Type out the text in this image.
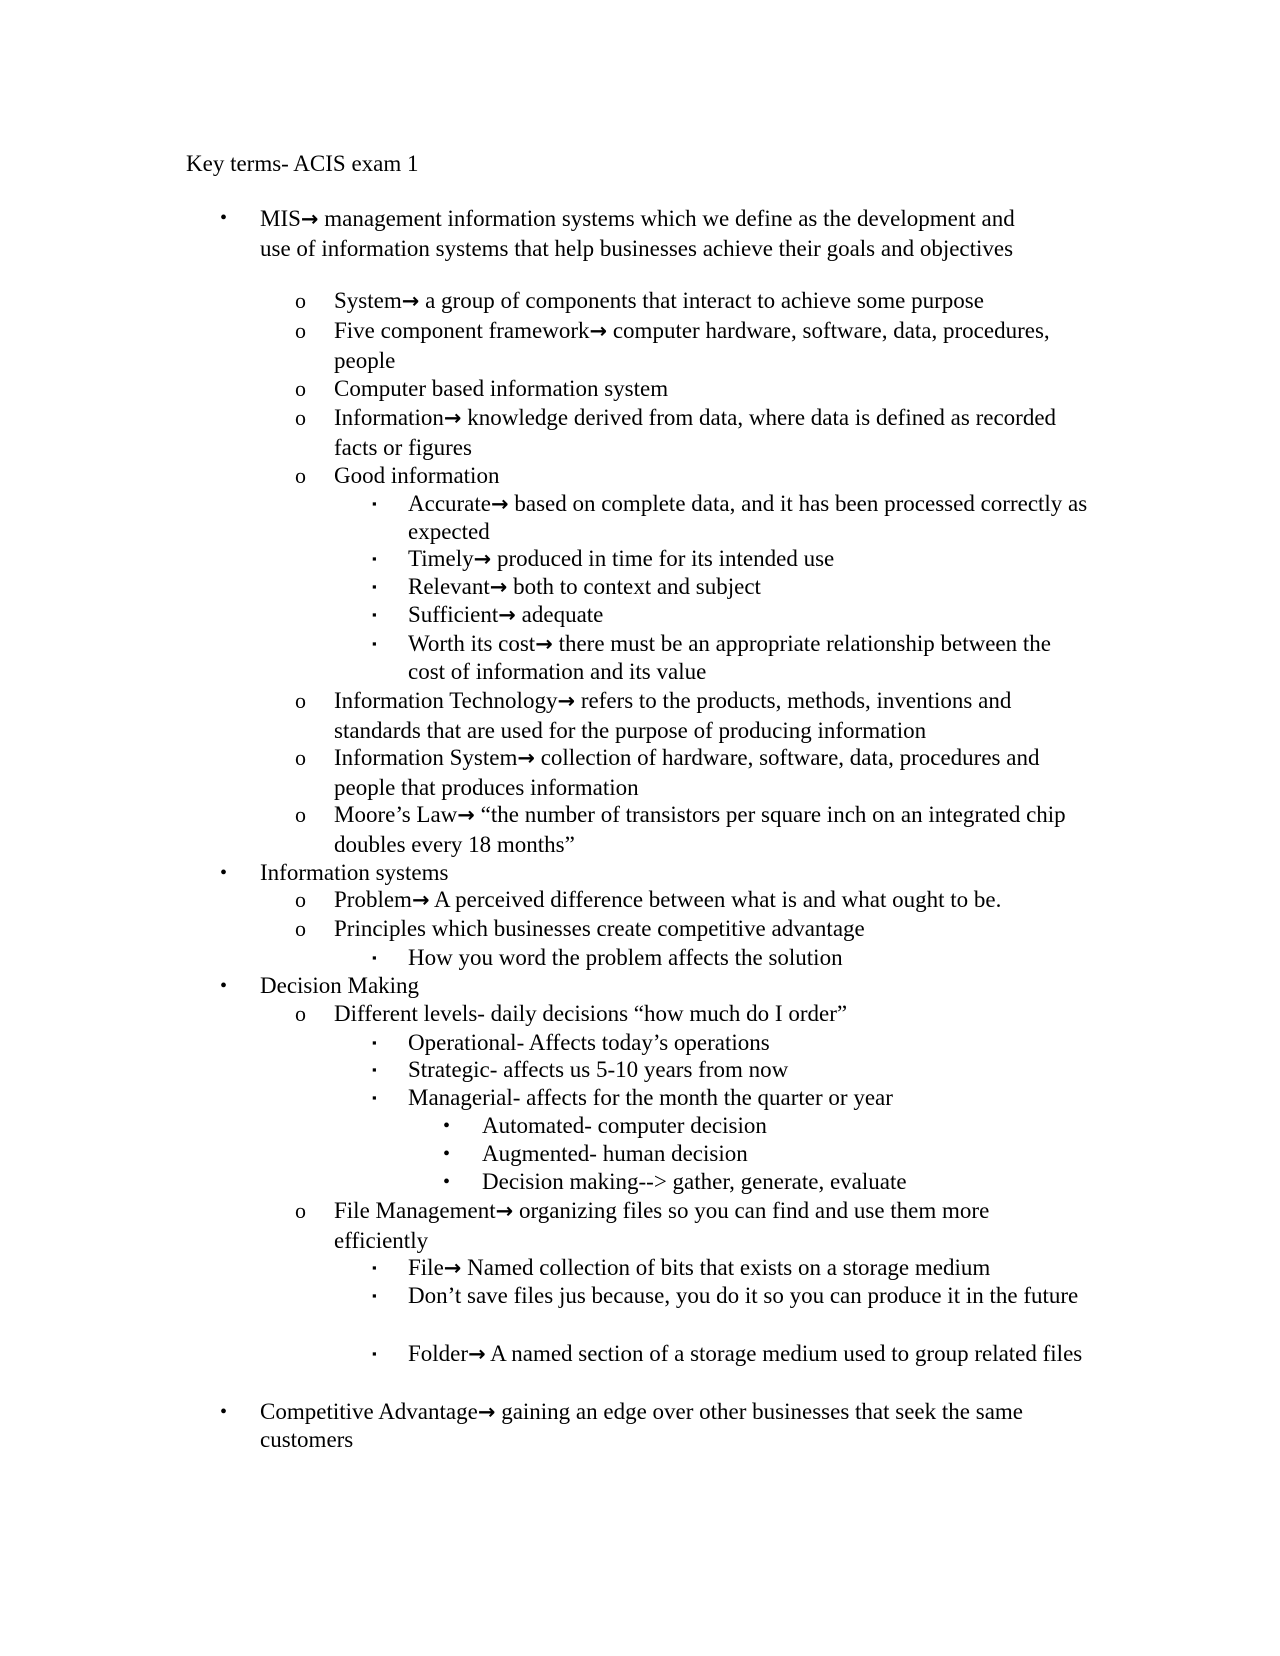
Key terms- ACIS exam 1
• MIS→ management information systems which we define as the development and use of information systems that help businesses achieve their goals and objectives
o System→ a group of components that interact to achieve some purpose
o Five component framework→ computer hardware, software, data, procedures, people
o Computer based information system
o Information→ knowledge derived from data, where data is defined as recorded facts or figures
o Good information
▪ Accurate→ based on complete data, and it has been processed correctly as expected
▪ Timely→ produced in time for its intended use
▪ Relevant→ both to context and subject
▪ Sufficient→ adequate
▪ Worth its cost→ there must be an appropriate relationship between the cost of information and its value
o Information Technology→ refers to the products, methods, inventions and standards that are used for the purpose of producing information
o Information System→ collection of hardware, software, data, procedures and people that produces information
o Moore’s Law→ “the number of transistors per square inch on an integrated chip doubles every 18 months”
• Information systems
o Problem→ A perceived difference between what is and what ought to be.
o Principles which businesses create competitive advantage
▪ How you word the problem affects the solution
• Decision Making
o Different levels- daily decisions “how much do I order”
▪ Operational- Affects today’s operations
▪ Strategic- affects us 5-10 years from now
▪ Managerial- affects for the month the quarter or year
• Automated- computer decision
• Augmented- human decision
• Decision making--> gather, generate, evaluate
o File Management→ organizing files so you can find and use them more efficiently
▪ File→ Named collection of bits that exists on a storage medium
▪ Don’t save files jus because, you do it so you can produce it in the future
▪ Folder→ A named section of a storage medium used to group related files
• Competitive Advantage→ gaining an edge over other businesses that seek the same customers
